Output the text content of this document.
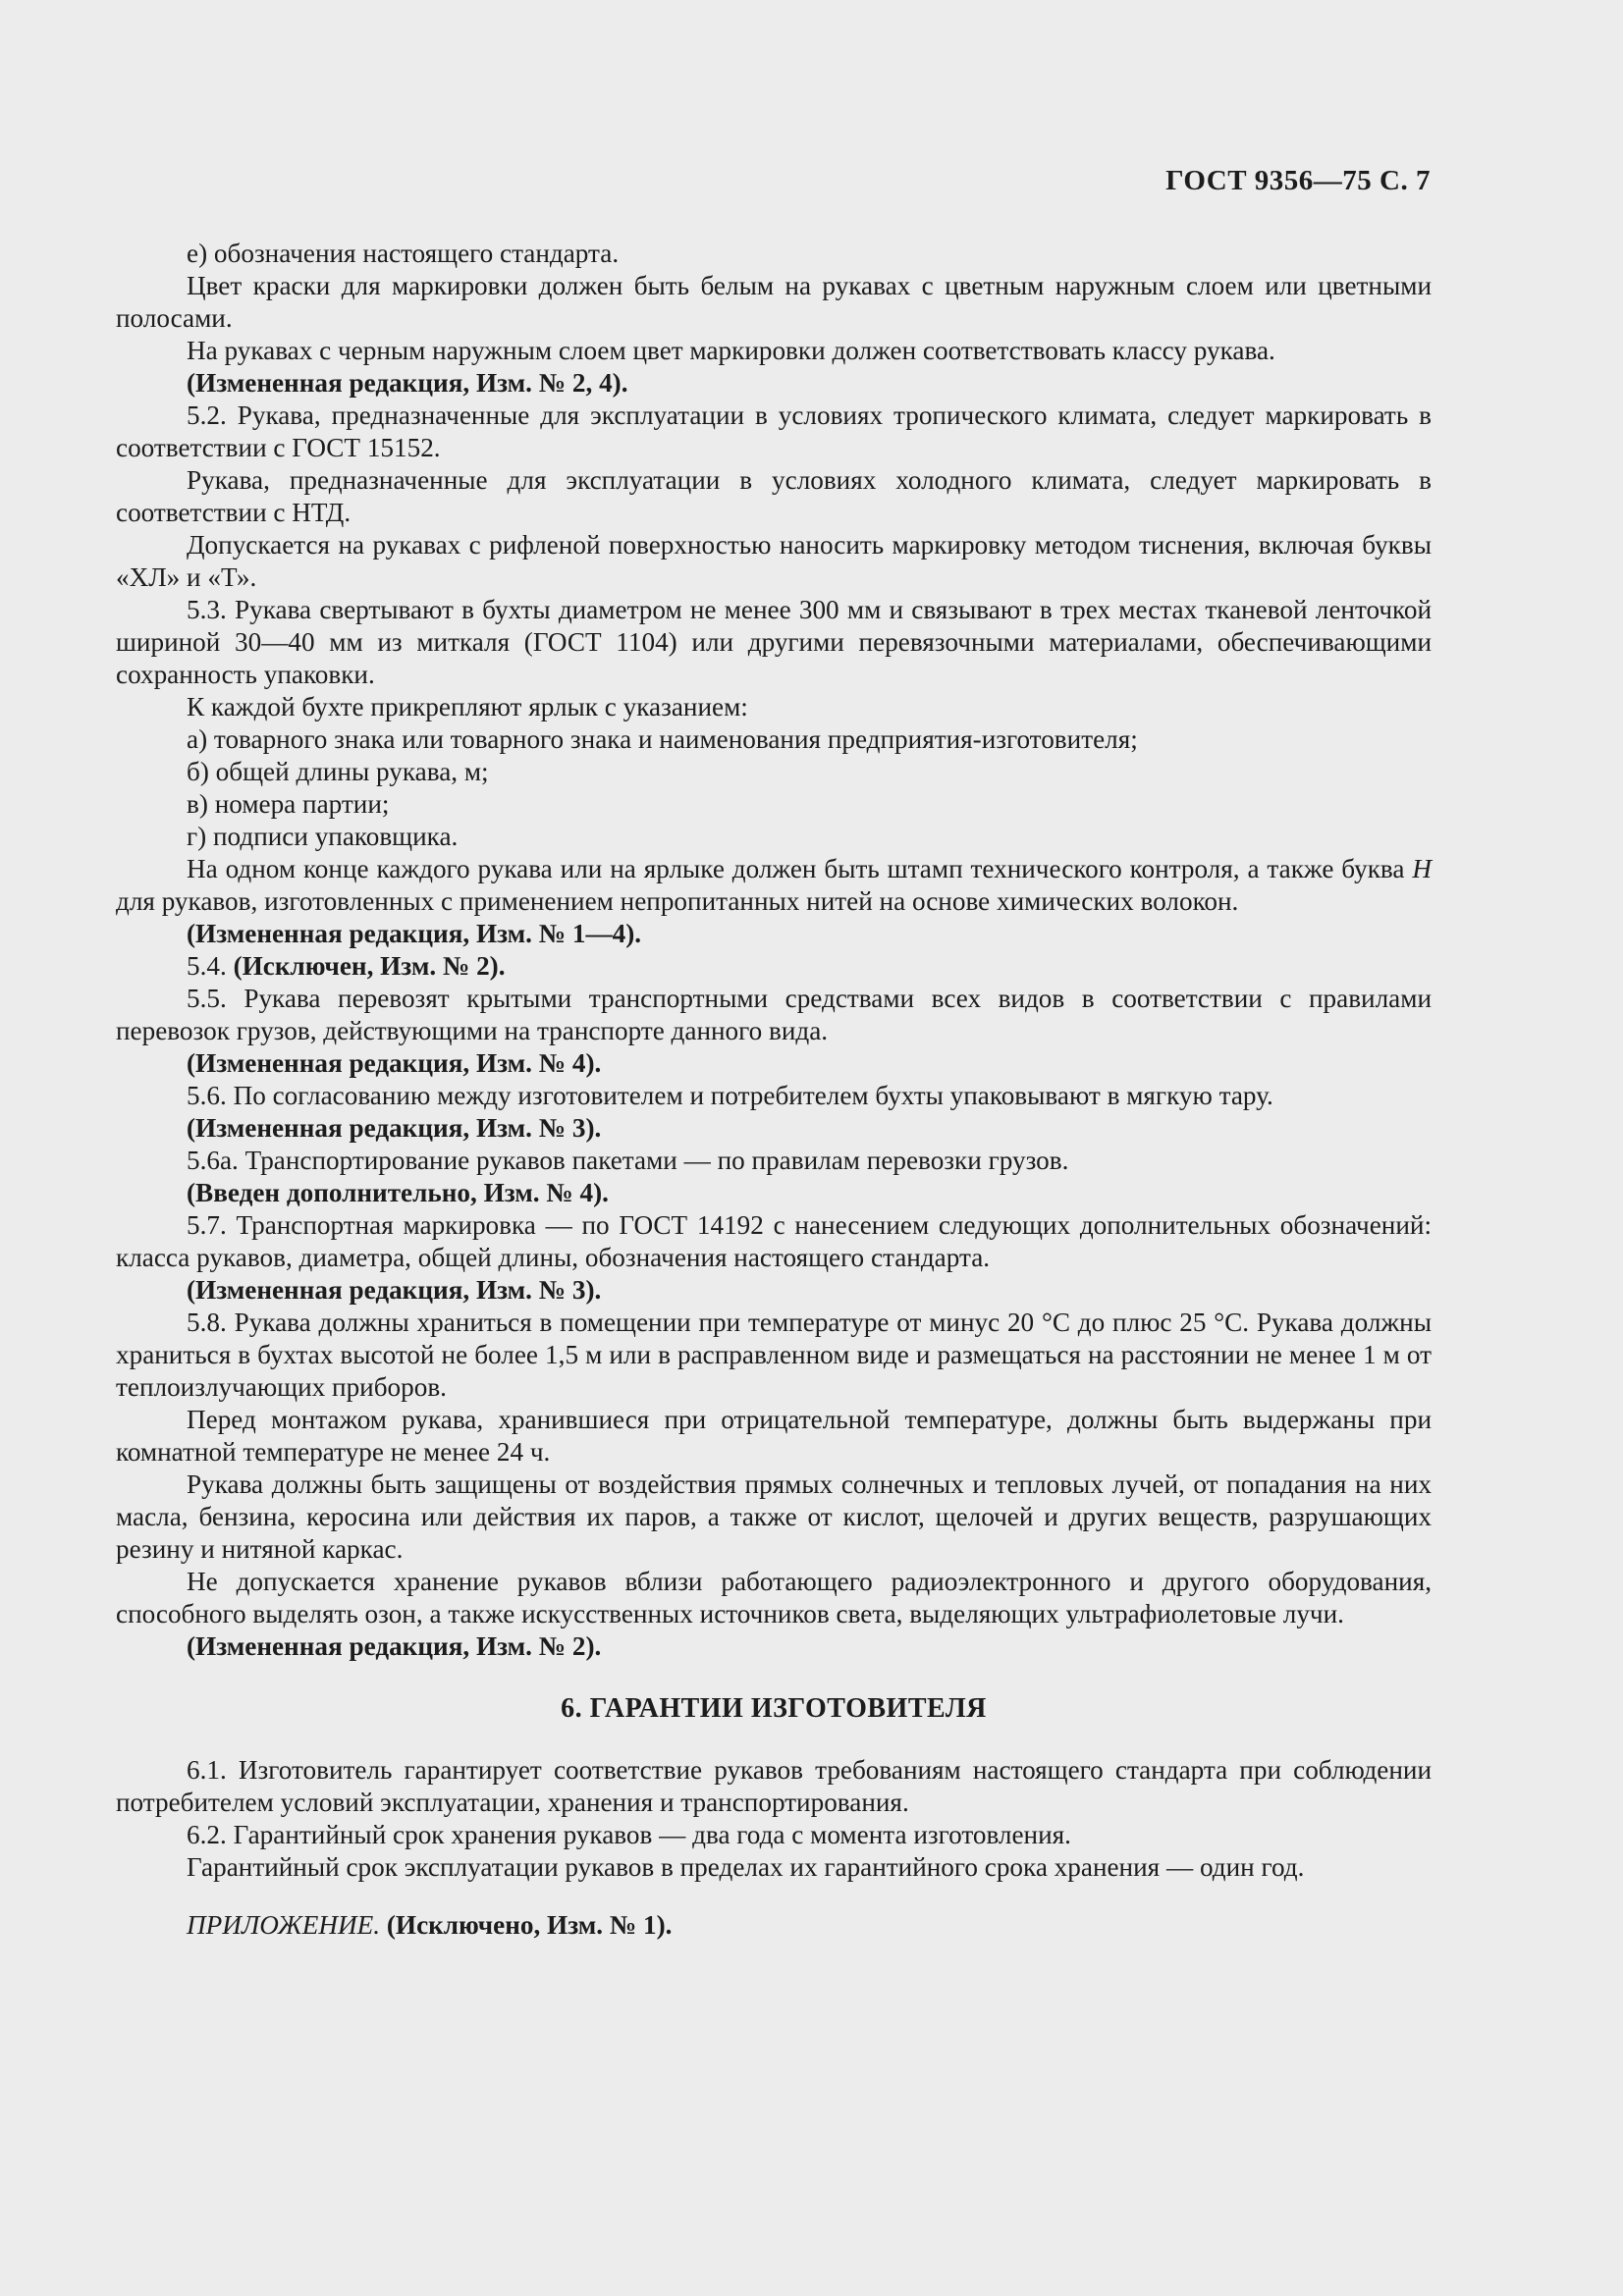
ГОСТ 9356—75 С. 7
е) обозначения настоящего стандарта.
Цвет краски для маркировки должен быть белым на рукавах с цветным наружным слоем или цветными полосами.
На рукавах с черным наружным слоем цвет маркировки должен соответствовать классу рукава.
(Измененная редакция, Изм. № 2, 4).
5.2. Рукава, предназначенные для эксплуатации в условиях тропического климата, следует маркировать в соответствии с ГОСТ 15152.
Рукава, предназначенные для эксплуатации в условиях холодного климата, следует маркировать в соответствии с НТД.
Допускается на рукавах с рифленой поверхностью наносить маркировку методом тиснения, включая буквы «ХЛ» и «Т».
5.3. Рукава свертывают в бухты диаметром не менее 300 мм и связывают в трех местах тканевой ленточкой шириной 30—40 мм из миткаля (ГОСТ 1104) или другими перевязочными материалами, обеспечивающими сохранность упаковки.
К каждой бухте прикрепляют ярлык с указанием:
а) товарного знака или товарного знака и наименования предприятия-изготовителя;
б) общей длины рукава, м;
в) номера партии;
г) подписи упаковщика.
На одном конце каждого рукава или на ярлыке должен быть штамп технического контроля, а также буква Н для рукавов, изготовленных с применением непропитанных нитей на основе химических волокон.
(Измененная редакция, Изм. № 1—4).
5.4. (Исключен, Изм. № 2).
5.5. Рукава перевозят крытыми транспортными средствами всех видов в соответствии с правилами перевозок грузов, действующими на транспорте данного вида.
(Измененная редакция, Изм. № 4).
5.6. По согласованию между изготовителем и потребителем бухты упаковывают в мягкую тару.
(Измененная редакция, Изм. № 3).
5.6а. Транспортирование рукавов пакетами — по правилам перевозки грузов.
(Введен дополнительно, Изм. № 4).
5.7. Транспортная маркировка — по ГОСТ 14192 с нанесением следующих дополнительных обозначений: класса рукавов, диаметра, общей длины, обозначения настоящего стандарта.
(Измененная редакция, Изм. № 3).
5.8. Рукава должны храниться в помещении при температуре от минус 20 °С до плюс 25 °С. Рукава должны храниться в бухтах высотой не более 1,5 м или в расправленном виде и размещаться на расстоянии не менее 1 м от теплоизлучающих приборов.
Перед монтажом рукава, хранившиеся при отрицательной температуре, должны быть выдержаны при комнатной температуре не менее 24 ч.
Рукава должны быть защищены от воздействия прямых солнечных и тепловых лучей, от попадания на них масла, бензина, керосина или действия их паров, а также от кислот, щелочей и других веществ, разрушающих резину и нитяной каркас.
Не допускается хранение рукавов вблизи работающего радиоэлектронного и другого оборудования, способного выделять озон, а также искусственных источников света, выделяющих ультрафиолетовые лучи.
(Измененная редакция, Изм. № 2).
6. ГАРАНТИИ ИЗГОТОВИТЕЛЯ
6.1. Изготовитель гарантирует соответствие рукавов требованиям настоящего стандарта при соблюдении потребителем условий эксплуатации, хранения и транспортирования.
6.2. Гарантийный срок хранения рукавов — два года с момента изготовления.
Гарантийный срок эксплуатации рукавов в пределах их гарантийного срока хранения — один год.
ПРИЛОЖЕНИЕ. (Исключено, Изм. № 1).
